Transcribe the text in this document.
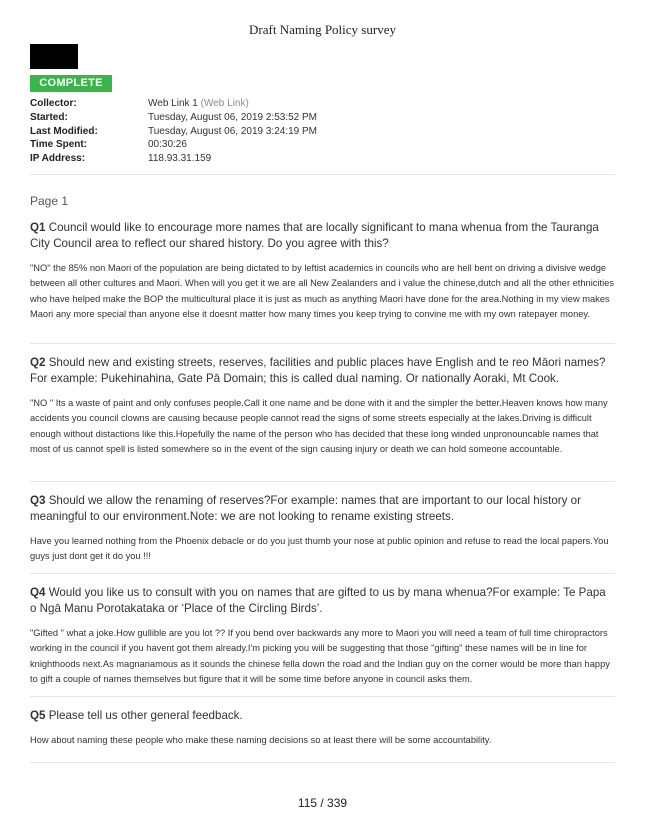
Draft Naming Policy survey
COMPLETE
Collector:	Web Link 1 (Web Link)
Started:	Tuesday, August 06, 2019 2:53:52 PM
Last Modified:	Tuesday, August 06, 2019 3:24:19 PM
Time Spent:	00:30:26
IP Address:	118.93.31.159
Page 1

Q1 Council would like to encourage more names that are locally significant to mana whenua from the Tauranga City Council area to reflect our shared history. Do you agree with this?

"NO" the 85% non Maori of the population are being dictated to by leftist academics in councils who are hell bent on driving a divisive wedge between all other cultures and Maori. When will you get it we are all New Zealanders and i value the chinese,dutch and all the other ethnicities who have helped make the BOP the multicultural place it is just as much as anything Maori have done for the area.Nothing in my view makes Maori any more special than anyone else it doesnt matter how many times you keep trying to convine me with my own ratepayer money.

Q2 Should new and existing streets, reserves, facilities and public places have English and te reo Māori names?For example: Pukehinahina, Gate Pā Domain; this is called dual naming. Or nationally Aoraki, Mt Cook.

"NO " Its a waste of paint and only confuses people.Call it one name and be done with it and the simpler the better.Heaven knows how many accidents you council clowns are causing because people cannot read the signs of some streets especially at the lakes.Driving is difficult enough without distactions like this.Hopefully the name of the person who has decided that these long winded unpronouncable names that most of us cannot spell is listed somewhere so in the event of the sign causing injury or death we can hold someone accountable.

Q3 Should we allow the renaming of reserves?For example: names that are important to our local history or meaningful to our environment.Note: we are not looking to rename existing streets.

Have you learned nothing from the Phoenix debacle or do you just thumb your nose at public opinion and refuse to read the local papers.You guys just dont get it do you !!!

Q4 Would you like us to consult with you on names that are gifted to us by mana whenua?For example: Te Papa o Ngā Manu Porotakataka or ‘Place of the Circling Birds’.

"Gifted " what a joke.How gullible are you lot ?? If you bend over backwards any more to Maori you will need a team of full time chiropractors working in the council if you havent got them already.I'm picking you will be suggesting that those "gifting" these names will be in line for knighthoods next.As magnanamous as it sounds the chinese fella down the road and the Indian guy on the corner would be more than happy to gift a couple of names themselves but figure that it will be some time before anyone in council asks them.

Q5 Please tell us other general feedback.

How about naming these people who make these naming decisions so at least there will be some accountability.

115 / 339
